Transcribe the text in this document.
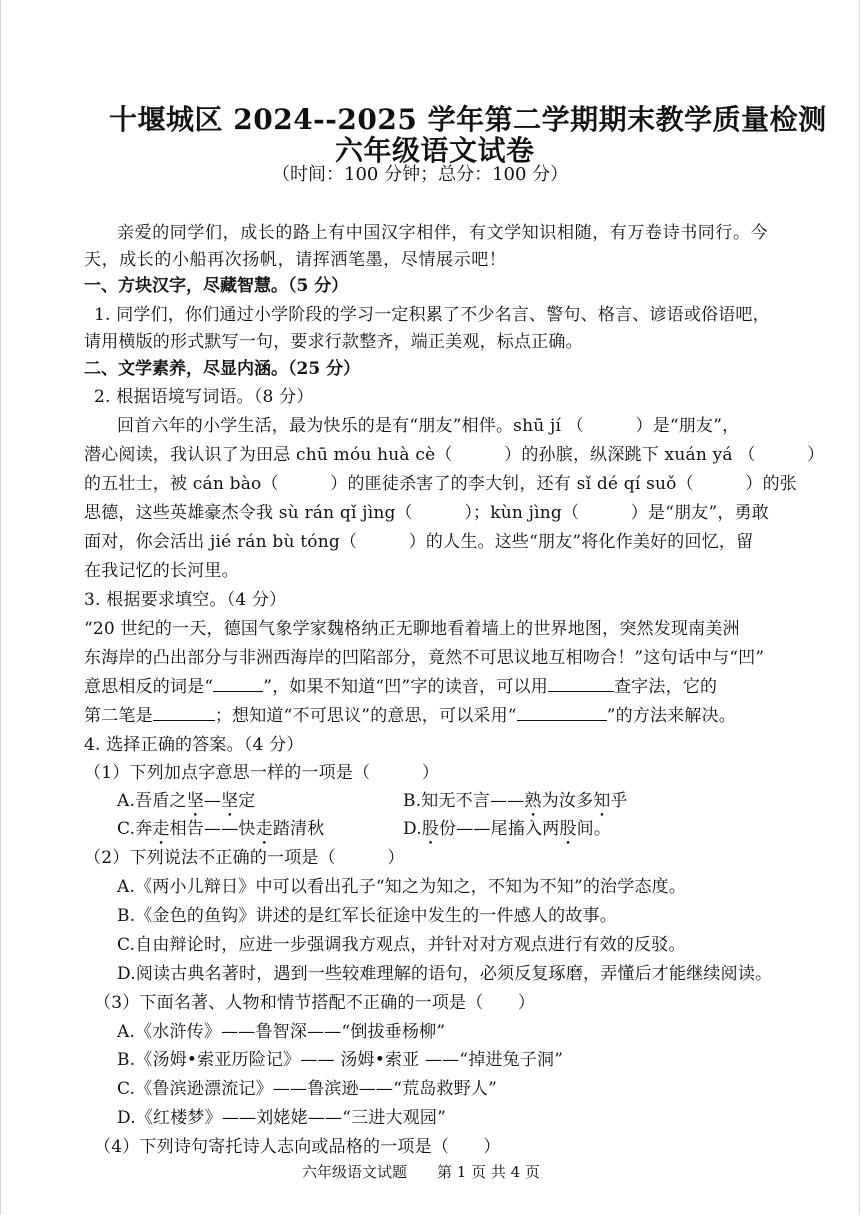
十堰城区 2024--2025 学年第二学期期末教学质量检测
六年级语文试卷
（时间：100 分钟；总分：100 分）
亲爱的同学们，成长的路上有中国汉字相伴，有文学知识相随，有万卷诗书同行。今
天，成长的小船再次扬帆，请挥洒笔墨，尽情展示吧！
一、方块汉字，尽藏智慧。（5 分）
1. 同学们，你们通过小学阶段的学习一定积累了不少名言、警句、格言、谚语或俗语吧，
请用横版的形式默写一句，要求行款整齐，端正美观，标点正确。
二、文学素养，尽显内涵。（25 分）
2. 根据语境写词语。（8 分）
回首六年的小学生活，最为快乐的是有“朋友”相伴。shū jí （　　　）是“朋友”，
潜心阅读，我认识了为田忌 chū móu huà cè（　　　）的孙膑，纵深跳下 xuán yá （　　　）
的五壮士，被 cán bào（　　　）的匪徒杀害了的李大钊，还有 sǐ dé qí suǒ（　　　）的张
思德，这些英雄豪杰令我 sù rán qǐ jìng（　　　）；kùn jìng（　　　）是“朋友”，勇敢
面对，你会活出 jié rán bù tóng（　　　）的人生。这些“朋友”将化作美好的回忆，留
在我记忆的长河里。
3. 根据要求填空。（4 分）
“20 世纪的一天，德国气象学家魏格纳正无聊地看着墙上的世界地图，突然发现南美洲
东海岸的凸出部分与非洲西海岸的凹陷部分，竟然不可思议地互相吻合！”这句话中与“凹”
意思相反的词是“	”，如果不知道“凹”字的读音，可以用	查字法，它的
第二笔是	；想知道“不可思议”的意思，可以采用“	”的方法来解决。
4. 选择正确的答案。（4 分）
（1）下列加点字意思一样的一项是（　　　）
A.吾盾之坚—坚定	B.知无不言——熟为汝多知乎
C.奔走相告——快走踏清秋	D.股份——尾搐入两股间。
（2）下列说法不正确的一项是（　　　）
A.《两小儿辩日》中可以看出孔子“知之为知之，不知为不知”的治学态度。
B.《金色的鱼钩》讲述的是红军长征途中发生的一件感人的故事。
C.自由辩论时，应进一步强调我方观点，并针对对方观点进行有效的反驳。
D.阅读古典名著时，遇到一些较难理解的语句，必须反复琢磨，弄懂后才能继续阅读。
（3）下面名著、人物和情节搭配不正确的一项是（　　）
A.《水浒传》——鲁智深——“倒拔垂杨柳”
B.《汤姆•索亚历险记》—— 汤姆•索亚 ——“掉进兔子洞”
C.《鲁滨逊漂流记》——鲁滨逊——“荒岛救野人”
D.《红楼梦》——刘姥姥——“三进大观园”
（4）下列诗句寄托诗人志向或品格的一项是（　　）
六年级语文试题　　第 1 页 共 4 页
